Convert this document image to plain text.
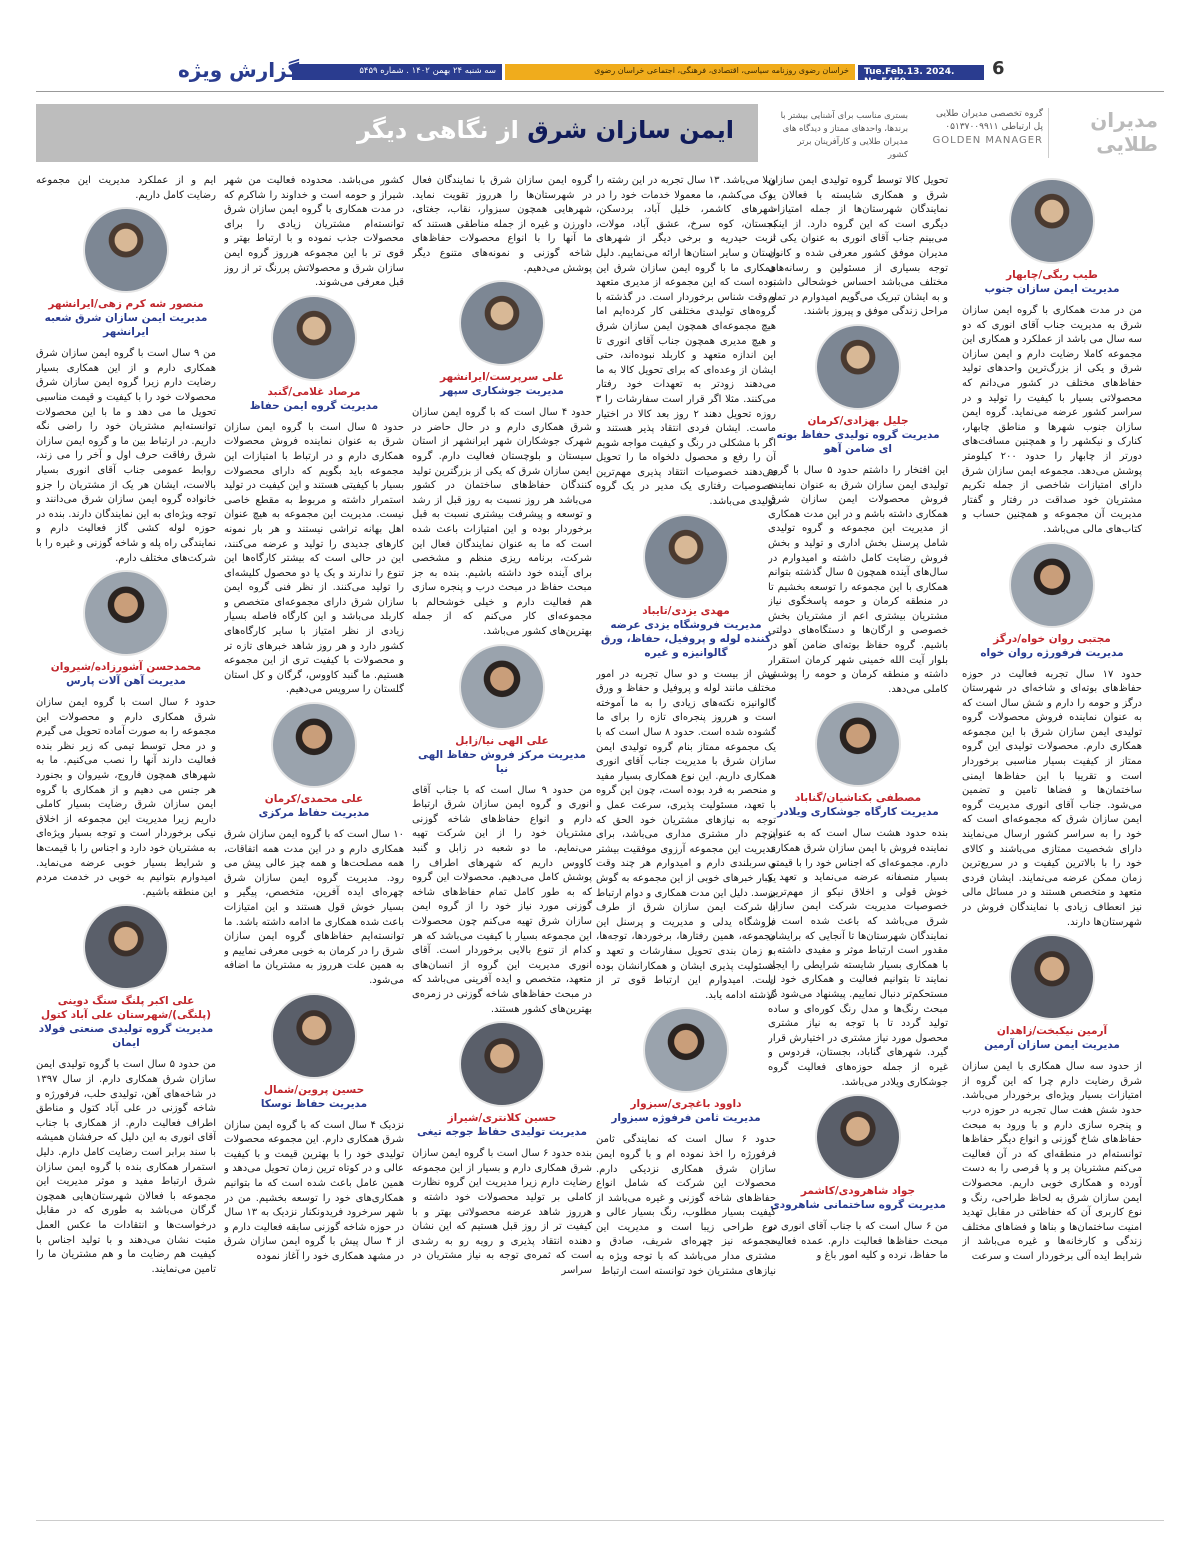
6
Tue.Feb.13. 2024. No.5459
خراسان رضوی روزنامه سیاسی، اقتصادی، فرهنگی، اجتماعی خراسان رضوی
سه شنبه ۲۴ بهمن ۱۴۰۲ . شماره ۵۴۵۹
گزارش ویژه
ایمن سازان شرق از نگاهی دیگر	بستری مناسب برای آشنایی بیشتر با برندها، واحدهای ممتاز و دیدگاه های مدیران طلایی و کارآفرینان برتر کشور
گروه تخصصی مدیران طلایی
پل ارتباطی ۰۵۱۳۷۰۰۹۹۱۱
GOLDEN MANAGER
مدیران طلایی
طیب ریگی/چابهار
مدیریت ایمن سازان جنوب
من در مدت همکاری با گروه ایمن سازان شرق به مدیریت جناب آقای انوری که دو سه سال می باشد از عملکرد و همکاری این مجموعه کاملا رضایت دارم و ایمن سازان شرق و یکی از بزرگ‌ترین واحدهای تولید حفاظ‌های مختلف در کشور می‌دانم که محصولاتی بسیار با کیفیت را تولید و در سراسر کشور عرضه می‌نماید. گروه ایمن سازان جنوب شهرها و مناطق چابهار، کنارک و نیکشهر را و همچنین مسافت‌های دورتر از چابهار را حدود ۲۰۰ کیلومتر پوشش می‌دهد. مجموعه ایمن سازان شرق دارای امتیازات شاخصی از جمله تکریم مشتریان خود صداقت در رفتار و گفتار مدیریت آن مجموعه و همچنین حساب و کتاب‌های مالی می‌باشد.
مجتبی روان خواه/درگز
مدیریت فرفورژه روان خواه
حدود ۱۷ سال تجربه فعالیت در حوزه حفاظ‌های بوته‌ای و شاخه‌ای در شهرستان درگز و حومه را دارم و شش سال است که به عنوان نماینده فروش محصولات گروه تولیدی ایمن سازان شرق با این مجموعه همکاری دارم. محصولات تولیدی این گروه ممتاز از کیفیت بسیار مناسبی برخوردار است و تقریبا با این حفاظ‌ها ایمنی ساختمان‌ها و فضاها تامین و تضمین می‌شود. جناب آقای انوری مدیریت گروه ایمن سازان شرق که مجموعه‌ای است که خود را به سراسر کشور ارسال می‌نمایند دارای شخصیت ممتازی می‌باشند و کالای خود را با بالاترین کیفیت و در سریع‌ترین زمان ممکن عرضه می‌نمایند. ایشان فردی متعهد و متخصص هستند و در مسائل مالی نیز انعطاف زیادی با نمایندگان فروش در شهرستان‌ها دارند.
آرمین نیکبخت/زاهدان
مدیریت ایمن سازان آرمین
از حدود سه سال همکاری با ایمن سازان شرق رضایت دارم چرا که این گروه از امتیازات بسیار ویژه‌ای برخوردار می‌باشد. حدود شش هفت سال تجربه در حوزه درب و پنجره سازی دارم و با ورود به مبحث حفاظ‌های شاخ گوزنی و انواع دیگر حفاظ‌ها توانسته‌ام در منطقه‌ای که در آن فعالیت می‌کنم مشتریان پر و پا قرصی را به دست آورده و همکاری خوبی داریم. محصولات ایمن سازان شرق به لحاظ طراحی، رنگ و نوع کاربری آن که حفاظتی در مقابل تهدید امنیت ساختمان‌ها و بناها و فضاهای مختلف زندگی و کارخانه‌ها و غیره می‌باشد از شرایط ایده آلی برخوردار است و سرعت
تحویل کالا توسط گروه تولیدی ایمن سازان شرق و همکاری شایسته با فعالان و نمایندگان شهرستان‌ها از جمله امتیازات دیگری است که این گروه دارد. از اینکه می‌بینم جناب آقای انوری به عنوان یکی از مدیران موفق کشور معرفی شده و کانون توجه بسیاری از مسئولین و رسانه‌های مختلف می‌باشد احساس خوشحالی داشته و به ایشان تبریک می‌گویم امیدوارم در تمام مراحل زندگی موفق و پیروز باشند.
جلیل بهزادی/کرمان
مدیریت گروه تولیدی حفاظ بوته ای ضامن آهو
این افتخار را داشتم حدود ۵ سال با گروه تولیدی ایمن سازان شرق به عنوان نماینده فروش محصولات ایمن سازان شرق همکاری داشته باشم و در این مدت همکاری از مدیریت این مجموعه و گروه تولیدی شامل پرسنل بخش اداری و تولید و بخش فروش رضایت کامل داشته و امیدوارم در سال‌های آینده همچون ۵ سال گذشته بتوانم همکاری با این مجموعه را توسعه بخشیم تا در منطقه کرمان و حومه پاسخگوی نیاز مشتریان بیشتری اعم از مشتریان بخش خصوصی و ارگان‌ها و دستگاه‌های دولتی باشیم. گروه حفاظ بوته‌ای ضامن آهو در بلوار آیت الله خمینی شهر کرمان استقرار داشته و منطقه کرمان و حومه را پوشش کاملی می‌دهد.
مصطفی بکتاشیان/گناباد
مدیریت کارگاه جوشکاری ویلادر
بنده حدود هشت سال است که به عنوان نماینده فروش با ایمن سازان شرق همکاری دارم. مجموعه‌ای که اجناس خود را با قیمتی بسیار منصفانه عرضه می‌نماید و تعهد و خوش قولی و اخلاق نیکو از مهم‌ترین خصوصیات مدیریت شرکت ایمن سازان شرق می‌باشد که باعث شده است با نمایندگان شهرستان‌ها تا آنجایی که برایشان مقدور است ارتباط موثر و مفیدی داشته و با همکاری بسیار شایسته شرایطی را ایجاد نمایند تا بتوانیم فعالیت و همکاری خود را مستحکم‌تر دنبال نماییم. پیشنهاد می‌شود در مبحث رنگ‌ها و مدل رنگ کوره‌ای و ساده تولید گردد تا با توجه به نیاز مشتری محصول مورد نیاز مشتری در اختیارش قرار گیرد. شهرهای گناباد، بجستان، فردوس و غیره از جمله حوزه‌های فعالیت گروه جوشکاری ویلادر می‌باشد.
جواد شاهرودی/کاشمر
مدیریت گروه ساختمانی شاهرودی
من ۶ سال است که با جناب آقای انوری در مبحث حفاظ‌ها فعالیت دارم. عمده فعالیت ما حفاظ، نرده و کلیه امور باغ و
ویلا می‌باشد. ۱۳ سال تجربه در این رشته را یدک می‌کشم، ما معمولا خدمات خود را در شهرهای کاشمر، خلیل آباد، بردسکن، بجستان، کوه سرخ، عشق آباد، مولات، تربت حیدریه و برخی دیگر از شهرهای استان و سایر استان‌ها ارائه می‌نماییم. دلیل همکاری ما با گروه ایمن سازان شرق این بوده است که این مجموعه از مدیری متعهد و وقت شناس برخوردار است. در گذشته با گروه‌های تولیدی مختلفی کار کرده‌ایم اما هیچ مجموعه‌ای همچون ایمن سازان شرق و هیچ مدیری همچون جناب آقای انوری تا این اندازه متعهد و کاربلد نبوده‌اند، حتی ایشان از وعده‌ای که برای تحویل کالا به ما می‌دهند زودتر به تعهدات خود رفتار می‌کنند. مثلا اگر قرار است سفارشات را ۳ روزه تحویل دهند ۲ روز بعد کالا در اختیار ماست. ایشان فردی انتقاد پذیر هستند و اگر با مشکلی در رنگ و کیفیت مواجه شویم آن را رفع و محصول دلخواه ما را تحویل می‌دهند خصوصیات انتقاد پذیری مهم‌ترین خصوصیات رفتاری یک مدیر در یک گروه تولیدی می‌باشد.
مهدی یزدی/تایباد
مدیریت فروشگاه یزدی عرضه کننده لوله و پروفیل، حفاظ، ورق گالوانیزه و غیره
بیش از بیست و دو سال تجربه در امور مختلف مانند لوله و پروفیل و حفاظ و ورق گالوانیزه نکته‌های زیادی را به ما آموخته است و هرروز پنجره‌ای تازه را برای ما گشوده شده است. حدود ۸ سال است که با یک مجموعه ممتاز بنام گروه تولیدی ایمن سازان شرق با مدیریت جناب آقای انوری همکاری داریم. این نوع همکاری بسیار مفید و منحصر به فرد بوده است، چون این گروه با تعهد، مسئولیت پذیری، سرعت عمل و توجه به نیازهای مشتریان خود الحق که پرچم دار مشتری مداری می‌باشد، برای مدیریت این مجموعه آرزوی موفقیت بیشتر و سربلندی دارم و امیدوارم هر چند وقت یکبار خبر‌های خوبی از این مجموعه به گوش برسد. دلیل این مدت همکاری و دوام ارتباط با شرکت ایمن سازان شرق از طرف فروشگاه یدلی و مدیریت و پرسنل این مجموعه، همین رفتارها، برخوردها، توجه‌ها، به زمان بندی تحویل سفارشات و تعهد و مسئولیت پذیری ایشان و همکارانشان بوده است. امیدوارم این ارتباط قوی تر از گذشته ادامه یابد.
داوود باغچری/سبزوار
مدیریت ثامن فرفوژه سبزوار
حدود ۶ سال است که نمایندگی ثامن فرفورژه را اخذ نموده ام و با گروه ایمن سازان شرق همکاری نزدیکی دارم. محصولات این شرکت که شامل انواع حفاظ‌های شاخه گوزنی و غیره می‌باشد از کیفیت بسیار مطلوب، رنگ بسیار عالی و نوع طراحی زیبا است و مدیریت این مجموعه نیز چهره‌ای شریف، صادق و مشتری مدار می‌باشد که با توجه ویژه به نیازهای مشتریان خود توانسته است ارتباط
گروه ایمن سازان شرق با نمایندگان فعال در شهرستان‌ها را هرروز تقویت نماید. شهرهایی همچون سبزوار، نقاب، جغتای، داورزن و غیره از جمله مناطقی هستند که ما آنها را با انواع محصولات حفاظ‌های شاخه گوزنی و نمونه‌های متنوع دیگر پوشش می‌دهیم.
علی سرپرست/ایرانشهر
مدیریت جوشکاری سپهر
حدود ۴ سال است که با گروه ایمن سازان شرق همکاری دارم و در حال حاضر در شهرک جوشکاران شهر ایرانشهر از استان سیستان و بلوچستان فعالیت دارم. گروه ایمن سازان شرق که یکی از بزرگترین تولید کنندگان حفاظ‌های ساختمان در کشور می‌باشد هر روز نسبت به روز قبل از رشد و توسعه و پیشرفت بیشتری نسبت به قبل برخوردار بوده و این امتیازات باعث شده است که ما به عنوان نمایندگان فعال این شرکت، برنامه ریزی منظم و مشخصی برای آینده خود داشته باشیم. بنده به جز مبحث حفاظ در مبحث درب و پنجره سازی هم فعالیت دارم و خیلی خوشحالم با مجموعه‌ای کار می‌کنم که از جمله بهترین‌های کشور می‌باشد.
علی الهی نیا/زابل
مدیریت مرکز فروش حفاظ الهی نیا
من حدود ۹ سال است که با جناب آقای انوری و گروه ایمن سازان شرق ارتباط دارم و انواع حفاظ‌های شاخه گوزنی مشتریان خود را از این شرکت تهیه می‌نمایم. ما دو شعبه در زابل و گنبد کاووس داریم که شهرهای اطراف را پوشش کامل می‌دهیم. محصولات این گروه که به طور کامل تمام حفاظ‌های شاخه گوزنی مورد نیاز خود را از گروه ایمن سازان شرق تهیه می‌کنم چون محصولات این مجموعه بسیار با کیفیت می‌باشد که هر کدام از تنوع بالایی برخوردار است. آقای انوری مدیریت این گروه از انسان‌های متعهد، متخصص و ایده آفرینی می‌باشد که در مبحث حفاظ‌های شاخه گوزنی در زمره‌ی بهترین‌های کشور هستند.
حسین کلانتری/شیراز
مدیریت تولیدی حفاظ جوجه تیغی
بنده حدود ۶ سال است با گروه ایمن سازان شرق همکاری دارم و بسیار از این مجموعه رضایت دارم زیرا مدیریت این گروه نظارت کاملی بر تولید محصولات خود داشته و هرروز شاهد عرضه محصولاتی بهتر و با کیفیت تر از روز قبل هستیم که این نشان دهنده انتقاد پذیری و رویه رو به رشدی است که ثمره‌ی توجه به نیاز مشتریان در سراسر
کشور می‌باشد. محدوده فعالیت من شهر شیراز و حومه است و خداوند را شاکرم که در مدت همکاری با گروه ایمن سازان شرق توانسته‌ام مشتریان زیادی را برای محصولات جذب نموده و با ارتباط بهتر و قوی تر با این مجموعه هرروز گروه ایمن سازان شرق و محصولاتش پررنگ تر از روز قبل معرفی می‌شوند.
مرصاد غلامی/گنبد
مدیریت گروه ایمن حفاظ
حدود ۵ سال است با گروه ایمن سازان شرق به عنوان نماینده فروش محصولات همکاری دارم و در ارتباط با امتیازات این مجموعه باید بگویم که دارای محصولات بسیار با کیفیتی هستند و این کیفیت در تولید استمرار داشته و مربوط به مقطع خاصی نیست. مدیریت این مجموعه به هیچ عنوان اهل بهانه تراشی نیستند و هر بار نمونه کارهای جدیدی را تولید و عرضه می‌کنند، این در حالی است که بیشتر کارگاه‌ها این تنوع را ندارند و یک یا دو محصول کلیشه‌ای را تولید می‌کنند. از نظر فنی گروه ایمن سازان شرق دارای مجموعه‌ای متخصص و کاربلد می‌باشد و این کارگاه فاصله بسیار زیادی از نظر امتیاز با سایر کارگاه‌های کشور دارد و هر روز شاهد خبرهای تازه تر و محصولات با کیفیت تری از این مجموعه هستیم. ما گنبد کاووس، گرگان و کل استان گلستان را سرویس می‌دهیم.
علی محمدی/کرمان
مدیریت حفاظ مرکزی
۱۰ سال است که با گروه ایمن سازان شرق همکاری دارم و در این مدت همه اتفاقات، همه مصلحت‌ها و همه چیز عالی پیش می رود. مدیریت گروه ایمن سازان شرق چهره‌ای ایده آفرین، متخصص، پیگیر و بسیار خوش قول هستند و این امتیازات باعث شده همکاری ما ادامه داشته باشد. ما توانسته‌ایم حفاظ‌های گروه ایمن سازان شرق را در کرمان به خوبی معرفی نماییم و به همین علت هرروز به مشتریان ما اضافه می‌شود.
حسین پروین/شمال
مدیریت حفاظ توسکا
نزدیک ۴ سال است که با گروه ایمن سازان شرق همکاری دارم. این مجموعه محصولات تولیدی خود را با بهترین قیمت و با کیفیت عالی و در کوتاه ترین زمان تحویل می‌دهد و همین عامل باعث شده است که ما بتوانیم همکاری‌های خود را توسعه بخشیم. من در شهر سرخرود فریدونکنار نزدیک به ۱۳ سال در حوزه شاخه گوزنی سابقه فعالیت دارم و از ۴ سال پیش با گروه ایمن سازان شرق در مشهد همکاری خود را آغاز نموده
ایم و از عملکرد مدیریت این مجموعه رضایت کامل داریم.
منصور شه کرم زهی/ایرانشهر
مدیریت ایمن سازان شرق شعبه ایرانشهر
من ۹ سال است با گروه ایمن سازان شرق همکاری دارم و از این همکاری بسیار رضایت دارم زیرا گروه ایمن سازان شرق محصولات خود را با کیفیت و قیمت مناسبی تحویل ما می دهد و ما با این محصولات توانسته‌ایم مشتریان خود را راضی نگه داریم. در ارتباط بین ما و گروه ایمن سازان شرق رفاقت حرف اول و آخر را می زند، روابط عمومی جناب آقای انوری بسیار بالاست، ایشان هر یک از مشتریان را جزو خانواده گروه ایمن سازان شرق می‌دانند و توجه ویژه‌ای به این نمایندگان دارند. بنده در حوزه لوله کشی گاز فعالیت دارم و نمایندگی راه پله و شاخه گوزنی و غیره را با شرکت‌های مختلف دارم.
محمدحسن آشورزاده/شیروان
مدیریت آهن آلات پارس
حدود ۶ سال است با گروه ایمن سازان شرق همکاری دارم و محصولات این مجموعه را به صورت آماده تحویل می گیرم و در محل توسط تیمی که زیر نظر بنده فعالیت دارند آنها را نصب می‌کنیم. ما به شهرهای همچون فاروج، شیروان و بجنورد هر جنس می دهیم و از همکاری با گروه ایمن سازان شرق رضایت بسیار کاملی داریم زیرا مدیریت این مجموعه از اخلاق نیکی برخوردار است و توجه بسیار ویژه‌ای به مشتریان خود دارد و اجناس را با قیمت‌ها و شرایط بسیار خوبی عرضه می‌نماید. امیدوارم بتوانیم به خوبی در خدمت مردم این منطقه باشیم.
علی اکبر پلنگ سنگ دوینی (پلنگی)/شهرستان علی آباد کتول
مدیریت گروه تولیدی صنعتی فولاد ایمان
من حدود ۵ سال است با گروه تولیدی ایمن سازان شرق همکاری دارم. از سال ۱۳۹۷ در شاخه‌های آهن، تولیدی حلب، فرفورژه و شاخه گوزنی در علی آباد کتول و مناطق اطراف فعالیت دارم. از همکاری با جناب آقای انوری به این دلیل که حرفشان همیشه با سند برابر است رضایت کامل دارم. دلیل استمرار همکاری بنده با گروه ایمن سازان شرق ارتباط مفید و موثر مدیریت این مجموعه با فعالان شهرستان‌هایی همچون گرگان می‌باشد به طوری که در مقابل درخواست‌ها و انتقادات ما عکس العمل مثبت نشان می‌دهند و با تولید اجناس با کیفیت هم رضایت ما و هم مشتریان ما را تامین می‌نمایند.
